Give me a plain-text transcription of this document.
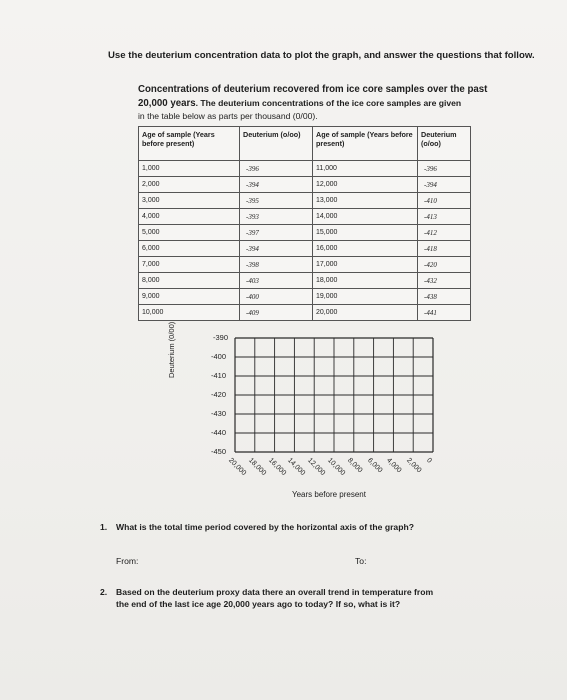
Use the deuterium concentration data to plot the graph, and answer the questions that follow.
Concentrations of deuterium recovered from ice core samples over the past
20,000 years. The deuterium concentrations of the ice core samples are given
in the table below as parts per thousand (0/00).
Age of sample (Years before present)	Deuterium (o/oo)	Age of sample (Years before present)	Deuterium (o/oo)
1,000	-396	11,000	-396
2,000	-394	12,000	-394
3,000	-395	13,000	-410
4,000	-393	14,000	-413
5,000	-397	15,000	-412
6,000	-394	16,000	-418
7,000	-398	17,000	-420
8,000	-403	18,000	-432
9,000	-400	19,000	-438
10,000	-409	20,000	-441
Deuterium (0/00)	-390
-400
-410
-420
-430
-440
-450
20,000 18,000 16,000 14,000 12,000 10,000 8,000 6,000 4,000 2,000 0
Years before present
1. What is the total time period covered by the horizontal axis of the graph?
From:	To:
2. Based on the deuterium proxy data there an overall trend in temperature from the end of the last ice age 20,000 years ago to today? If so, what is it?
